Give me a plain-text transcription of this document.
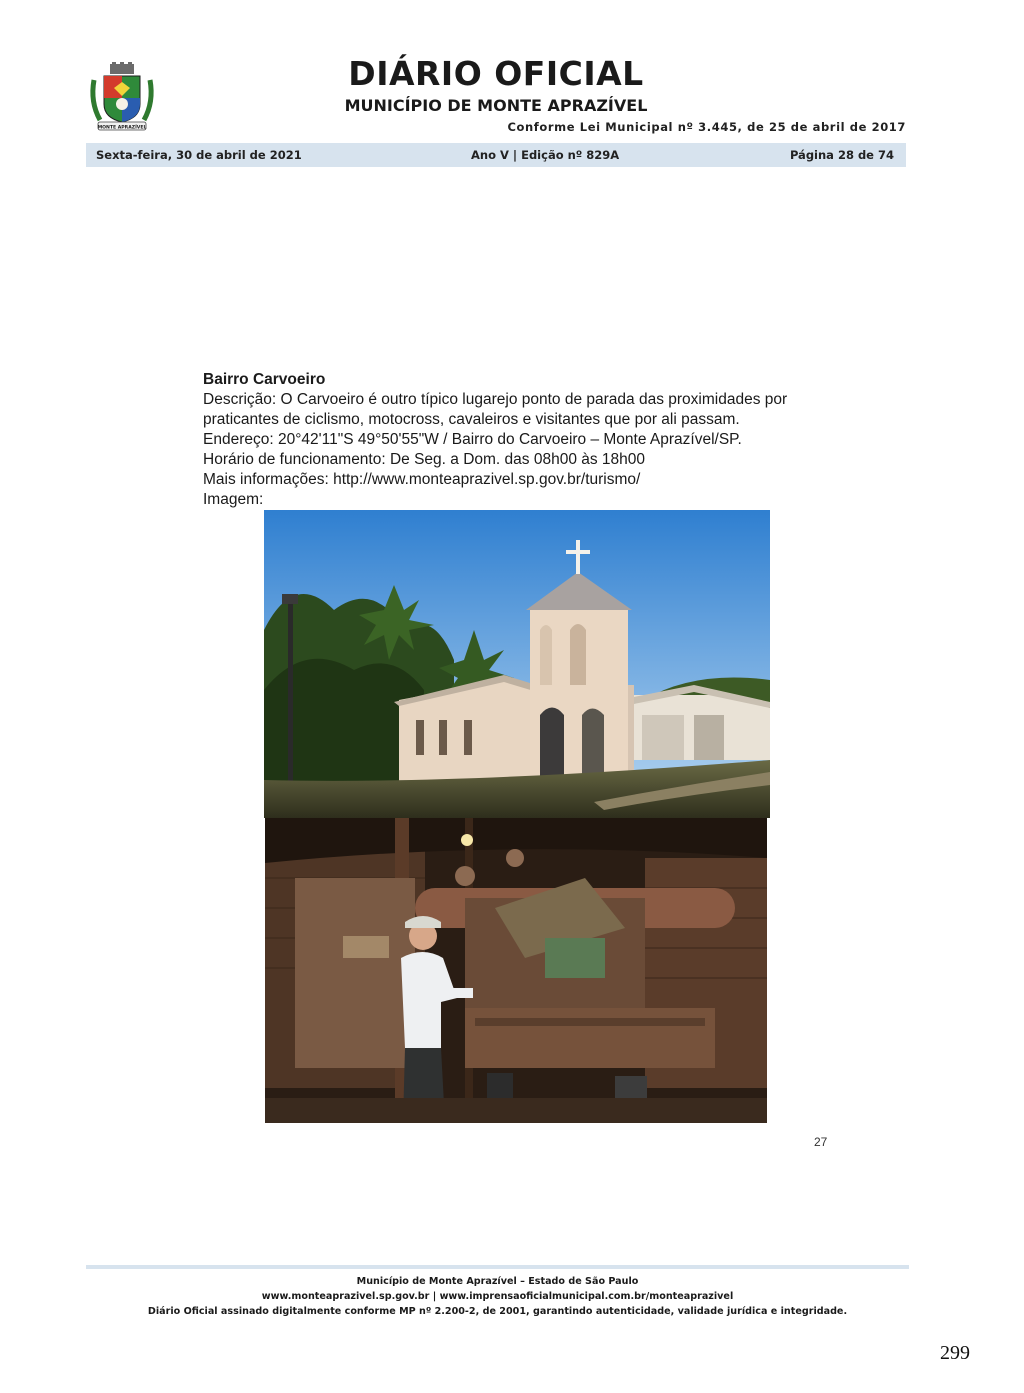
MONTE APRAZÍVEL
DIÁRIO OFICIAL
MUNICÍPIO DE MONTE APRAZÍVEL
Conforme Lei Municipal nº 3.445, de 25 de abril de 2017
Sexta-feira, 30 de abril de 2021	Ano V | Edição nº 829A	Página 28 de 74
Bairro Carvoeiro
Descrição: O Carvoeiro é outro típico lugarejo ponto de parada das proximidades por praticantes de ciclismo, motocross, cavaleiros e visitantes que por ali passam.
Endereço: 20°42'11"S 49°50'55"W / Bairro do Carvoeiro – Monte Aprazível/SP.
Horário de funcionamento: De Seg. a Dom. das 08h00 às 18h00
Mais informações: http://www.monteaprazivel.sp.gov.br/turismo/
Imagem:
27
Município de Monte Aprazível – Estado de São Paulo
www.monteaprazivel.sp.gov.br | www.imprensaoficialmunicipal.com.br/monteaprazivel
Diário Oficial assinado digitalmente conforme MP nº 2.200-2, de 2001, garantindo autenticidade, validade jurídica e integridade.
299
